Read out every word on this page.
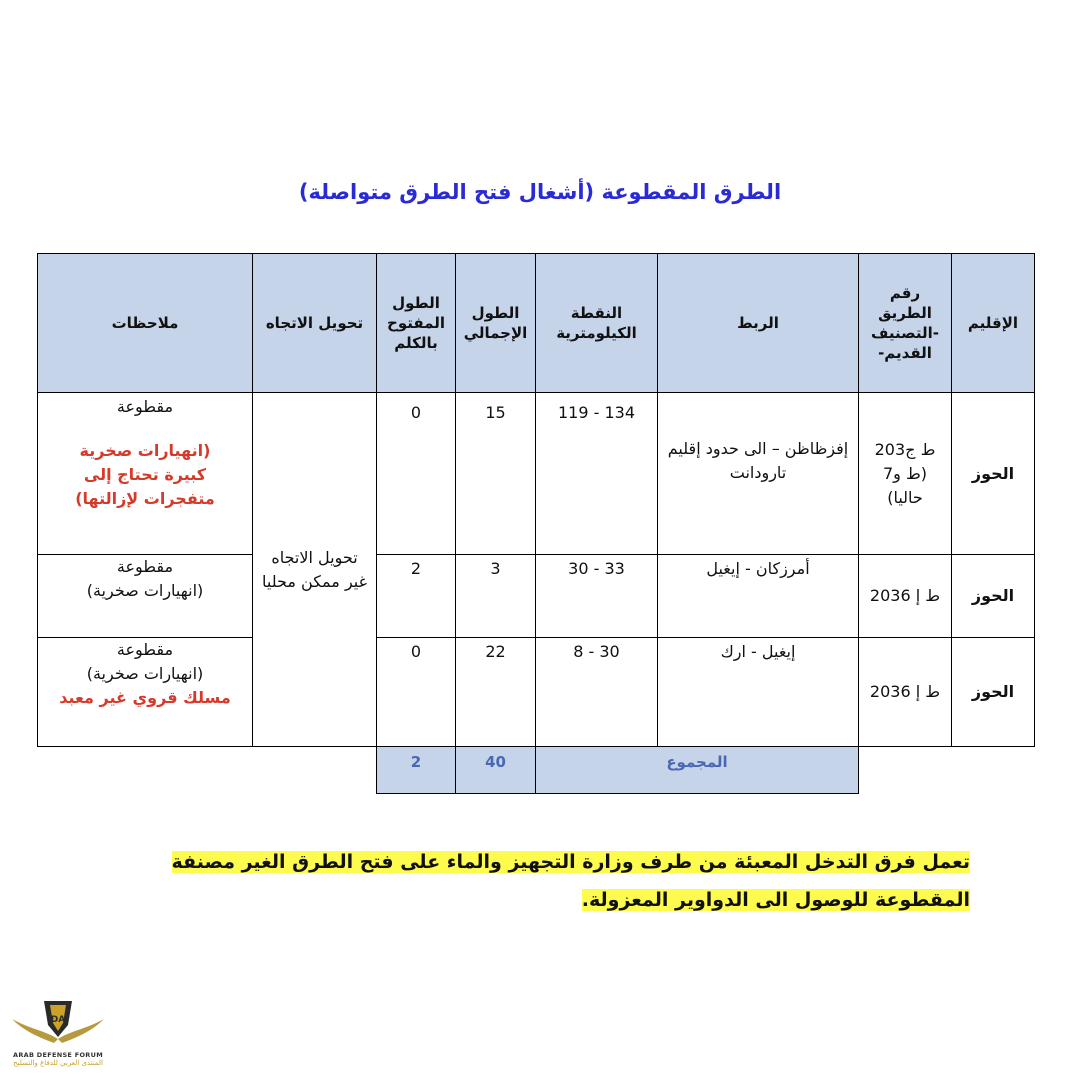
الطرق المقطوعة (أشغال فتح الطرق متواصلة)
الإقليم	رقم الطريق -التصنيف القديم-	الربط	النقطة الكيلومترية	الطول الإجمالي	الطول المفتوح بالكلم	تحويل الاتجاه	ملاحظات
الحوز	ط ج203 (ط و7 حاليا)	إفزظاظن – الى حدود إقليم تارودانت	119 - 134	15	0	تحويل الاتجاه غير ممكن محليا	مقطوعة
(انهيارات صخرية كبيرة تحتاج إلى متفجرات لإزالتها)

الحوز	ط إ 2036	أمرزكان - إيغيل	30 - 33	3	2		مقطوعة
(انهيارات صخرية)

الحوز	ط إ 2036	إيغيل - ارك	8 - 30	22	0		مقطوعة
(انهيارات صخرية)
مسلك قروي غير معبد

		المجموع		40	2		
تعمل فرق التدخل المعبئة من طرف وزارة التجهيز والماء على فتح الطرق الغير مصنفة المقطوعة للوصول الى الدواوير المعزولة.
DA
ARAB DEFENSE FORUM
المنتدى العربي للدفاع والتسليح
